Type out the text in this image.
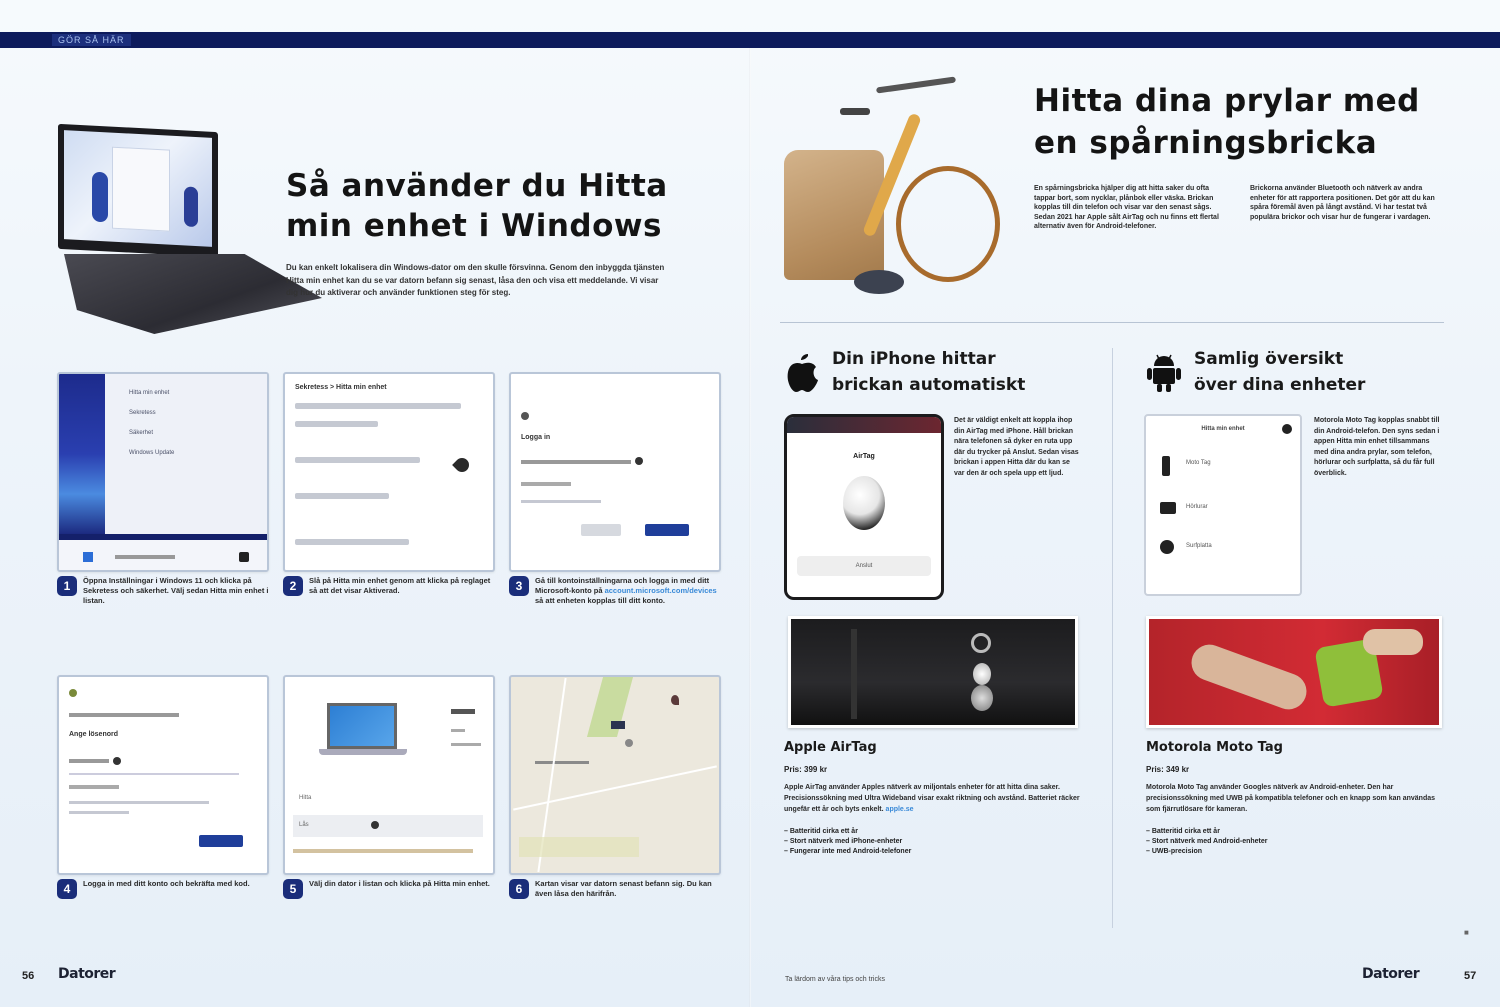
GÖR SÅ HÄR
Så använder du Hitta min enhet i Windows

Du kan enkelt lokalisera din Windows-dator om den skulle försvinna. Genom den inbyggda tjänsten Hitta min enhet kan du se var datorn befann sig senast, låsa den och visa ett meddelande. Vi visar dig hur du aktiverar och använder funktionen steg för steg.

Hitta min enhet
Sekretess
Säkerhet
Windows Update
1	Öppna Inställningar i Windows 11 och klicka på Sekretess och säkerhet. Välj sedan Hitta min enhet i listan.
Sekretess > Hitta min enhet
2	Slå på Hitta min enhet genom att klicka på reglaget så att det visar Aktiverad.
Logga in
3	Gå till kontoinställningarna och logga in med ditt Microsoft-konto på account.microsoft.com/devices så att enheten kopplas till ditt konto.
Ange lösenord
4	Logga in med ditt konto och bekräfta med kod.
Hitta
Lås
5	Välj din dator i listan och klicka på Hitta min enhet.	6	Kartan visar var datorn senast befann sig. Du kan även låsa den härifrån.
56 Datorer
Hitta dina prylar med en spårningsbricka

En spårningsbricka hjälper dig att hitta saker du ofta tappar bort, som nycklar, plånbok eller väska. Brickan kopplas till din telefon och visar var den senast sågs. Sedan 2021 har Apple sålt AirTag och nu finns ett flertal alternativ även för Android-telefoner.

Brickorna använder Bluetooth och nätverk av andra enheter för att rapportera positionen. Det gör att du kan spåra föremål även på långt avstånd. Vi har testat två populära brickor och visar hur de fungerar i vardagen.

Din iPhone hittar
brickan automatiskt
AirTag
Anslut

Det är väldigt enkelt att koppla ihop din AirTag med iPhone. Håll brickan nära telefonen så dyker en ruta upp där du trycker på Anslut. Sedan visas brickan i appen Hitta där du kan se var den är och spela upp ett ljud.

Apple AirTag
Pris: 399 kr

Apple AirTag använder Apples nätverk av miljontals enheter för att hitta dina saker. Precisionssökning med Ultra Wideband visar exakt riktning och avstånd. Batteriet räcker ungefär ett år och byts enkelt. apple.se

– Batteritid cirka ett år
– Stort nätverk med iPhone-enheter
– Fungerar inte med Android-telefoner
Samlig översikt
över dina enheter
Hitta min enhet
Moto Tag
Hörlurar
Surfplatta

Motorola Moto Tag kopplas snabbt till din Android-telefon. Den syns sedan i appen Hitta min enhet tillsammans med dina andra prylar, som telefon, hörlurar och surfplatta, så du får full överblick.

Motorola Moto Tag
Pris: 349 kr

Motorola Moto Tag använder Googles nätverk av Android-enheter. Den har precisionssökning med UWB på kompatibla telefoner och en knapp som kan användas som fjärrutlösare för kameran.

– Batteritid cirka ett år
– Stort nätverk med Android-enheter
– UWB-precision
■
Ta lärdom av våra tips och tricks	Datorer	57
